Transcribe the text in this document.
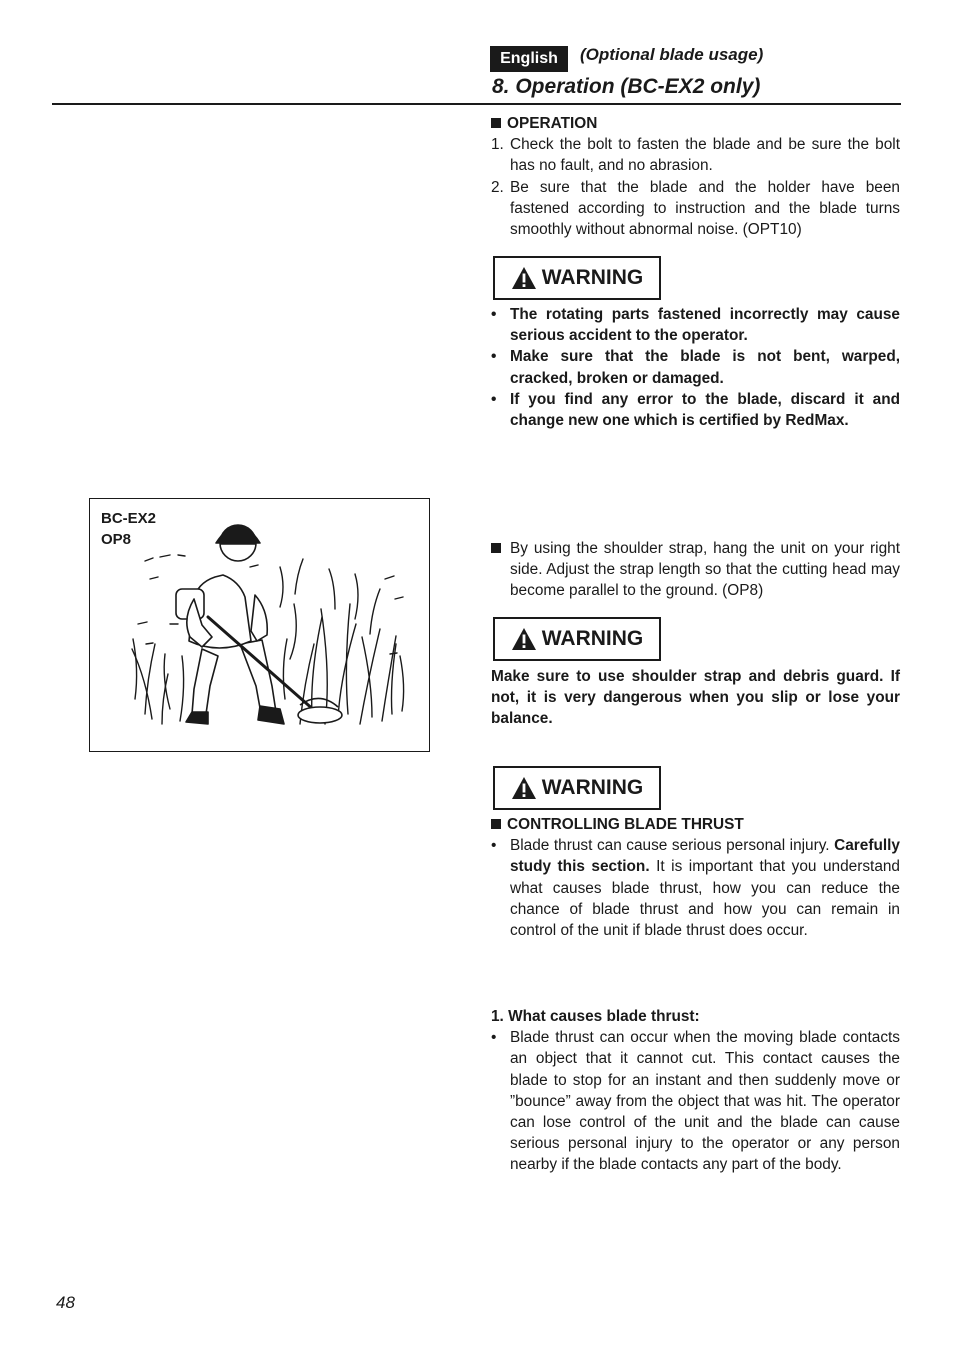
English	(Optional blade usage)
8. Operation (BC-EX2 only)
OPERATION
1. Check the bolt to fasten the blade and be sure the bolt has no fault, and no abrasion.
2. Be sure that the blade and the holder have been fastened according to instruction and the blade turns smoothly without abnormal noise. (OPT10)
WARNING
• The rotating parts fastened incorrectly may cause serious accident to the operator.
• Make sure that the blade is not bent, warped, cracked, broken or damaged.
• If you find any error to the blade, discard it and change new one which is certified by RedMax.
BC-EX2
OP8
By using the shoulder strap, hang the unit on your right side. Adjust the strap length so that the cutting head may become parallel to the ground. (OP8)
WARNING
Make sure to use shoulder strap and debris guard. If not, it is very dangerous when you slip or lose your balance.
WARNING
CONTROLLING BLADE THRUST
• Blade thrust can cause serious personal injury. Carefully study this section. It is important that you understand what causes blade thrust, how you can reduce the chance of blade thrust and how you can remain in control of the unit if blade thrust does occur.
1. What causes blade thrust:
• Blade thrust can occur when the moving blade contacts an object that it cannot cut. This contact causes the blade to stop for an instant and then suddenly move or ”bounce” away from the object that was hit. The operator can lose control of the unit and the blade can cause serious personal injury to the operator or any person nearby if the blade contacts any part of the body.
48
